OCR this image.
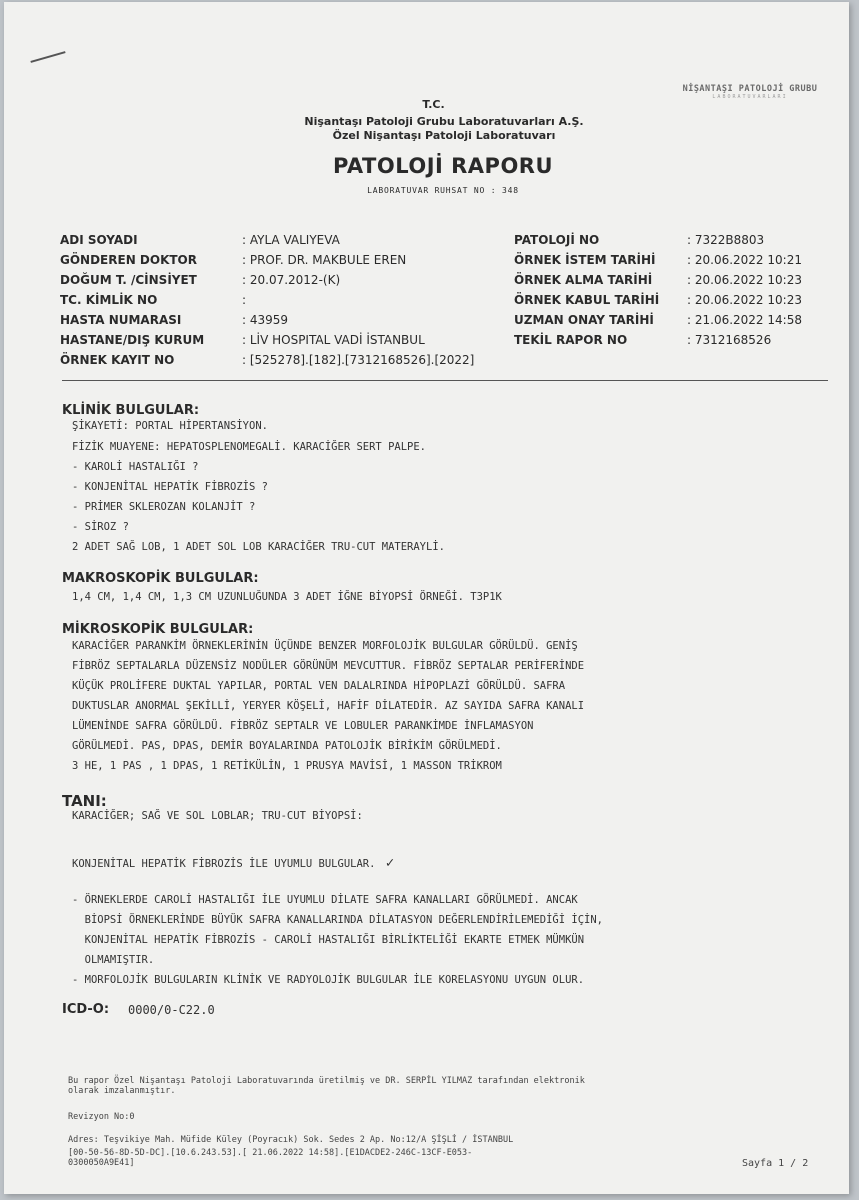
NİŞANTAŞI PATOLOJİ GRUBU
LABORATUVARLARI
T.C.
Nişantaşı Patoloji Grubu Laboratuvarları A.Ş.
Özel Nişantaşı Patoloji Laboratuvarı
PATOLOJİ RAPORU
LABORATUVAR RUHSAT NO : 348
ADI SOYADI	: AYLA VALIYEVA
GÖNDEREN DOKTOR	: PROF. DR. MAKBULE EREN
DOĞUM T. /CİNSİYET	: 20.07.2012-(K)
TC. KİMLİK NO	:
HASTA NUMARASI	: 43959
HASTANE/DIŞ KURUM	: LİV HOSPITAL VADİ İSTANBUL
ÖRNEK KAYIT NO	: [525278].[182].[7312168526].[2022]
PATOLOJİ NO	: 7322B8803
ÖRNEK İSTEM TARİHİ	: 20.06.2022 10:21
ÖRNEK ALMA TARİHİ	: 20.06.2022 10:23
ÖRNEK KABUL TARİHİ : 20.06.2022 10:23
UZMAN ONAY TARİHİ	: 21.06.2022 14:58
TEKİL RAPOR NO	: 7312168526
KLİNİK BULGULAR:
ŞİKAYETİ: PORTAL HİPERTANSİYON.
FİZİK MUAYENE: HEPATOSPLENOMEGALİ. KARACİĞER SERT PALPE.
- KAROLİ HASTALIĞI ?
- KONJENİTAL HEPATİK FİBROZİS ?
- PRİMER SKLEROZAN KOLANJİT ?
- SİROZ ?
2 ADET SAĞ LOB, 1 ADET SOL LOB KARACİĞER TRU-CUT MATERAYLİ.
MAKROSKOPİK BULGULAR:
1,4 CM, 1,4 CM, 1,3 CM UZUNLUĞUNDA 3 ADET İĞNE BİYOPSİ ÖRNEĞİ. T3P1K
MİKROSKOPİK BULGULAR:
KARACİĞER PARANKİM ÖRNEKLERİNİN ÜÇÜNDE BENZER MORFOLOJİK BULGULAR GÖRÜLDÜ. GENİŞ
FİBRÖZ SEPTALARLA DÜZENSİZ NODÜLER GÖRÜNÜM MEVCUTTUR. FİBRÖZ SEPTALAR PERİFERİNDE
KÜÇÜK PROLİFERE DUKTAL YAPILAR, PORTAL VEN DALALRINDA HİPOPLAZİ GÖRÜLDÜ. SAFRA
DUKTUSLAR ANORMAL ŞEKİLLİ, YERYER KÖŞELİ, HAFİF DİLATEDİR. AZ SAYIDA SAFRA KANALI
LÜMENİNDE SAFRA GÖRÜLDÜ. FİBRÖZ SEPTALR VE LOBULER PARANKİMDE İNFLAMASYON
GÖRÜLMEDİ. PAS, DPAS, DEMİR BOYALARINDA PATOLOJİK BİRİKİM GÖRÜLMEDİ.
3 HE, 1 PAS , 1 DPAS, 1 RETİKÜLİN, 1 PRUSYA MAVİSİ, 1 MASSON TRİKROM
TANI:
KARACİĞER; SAĞ VE SOL LOBLAR; TRU-CUT BİYOPSİ:
KONJENİTAL HEPATİK FİBROZİS İLE UYUMLU BULGULAR. ✓
- ÖRNEKLERDE CAROLİ HASTALIĞI İLE UYUMLU DİLATE SAFRA KANALLARI GÖRÜLMEDİ. ANCAK
BİOPSİ ÖRNEKLERİNDE BÜYÜK SAFRA KANALLARINDA DİLATASYON DEĞERLENDİRİLEMEDİĞİ İÇİN,
KONJENİTAL HEPATİK FİBROZİS - CAROLİ HASTALIĞI BİRLİKTELİĞİ EKARTE ETMEK MÜMKÜN
OLMAMIŞTIR.
- MORFOLOJİK BULGULARIN KLİNİK VE RADYOLOJİK BULGULAR İLE KORELASYONU UYGUN OLUR.
ICD-O: 0000/0-C22.0
Bu rapor Özel Nişantaşı Patoloji Laboratuvarında üretilmiş ve DR. SERPİL YILMAZ tarafından elektronik
olarak imzalanmıştır.
Revizyon No:0
Adres: Teşvikiye Mah. Müfide Küley (Poyracık) Sok. Sedes 2 Ap. No:12/A ŞİŞLİ / İSTANBUL
[00-50-56-8D-5D-DC].[10.6.243.53].[ 21.06.2022 14:58].[E1DACDE2-246C-13CF-E053-
0300050A9E41]	Sayfa 1 / 2
